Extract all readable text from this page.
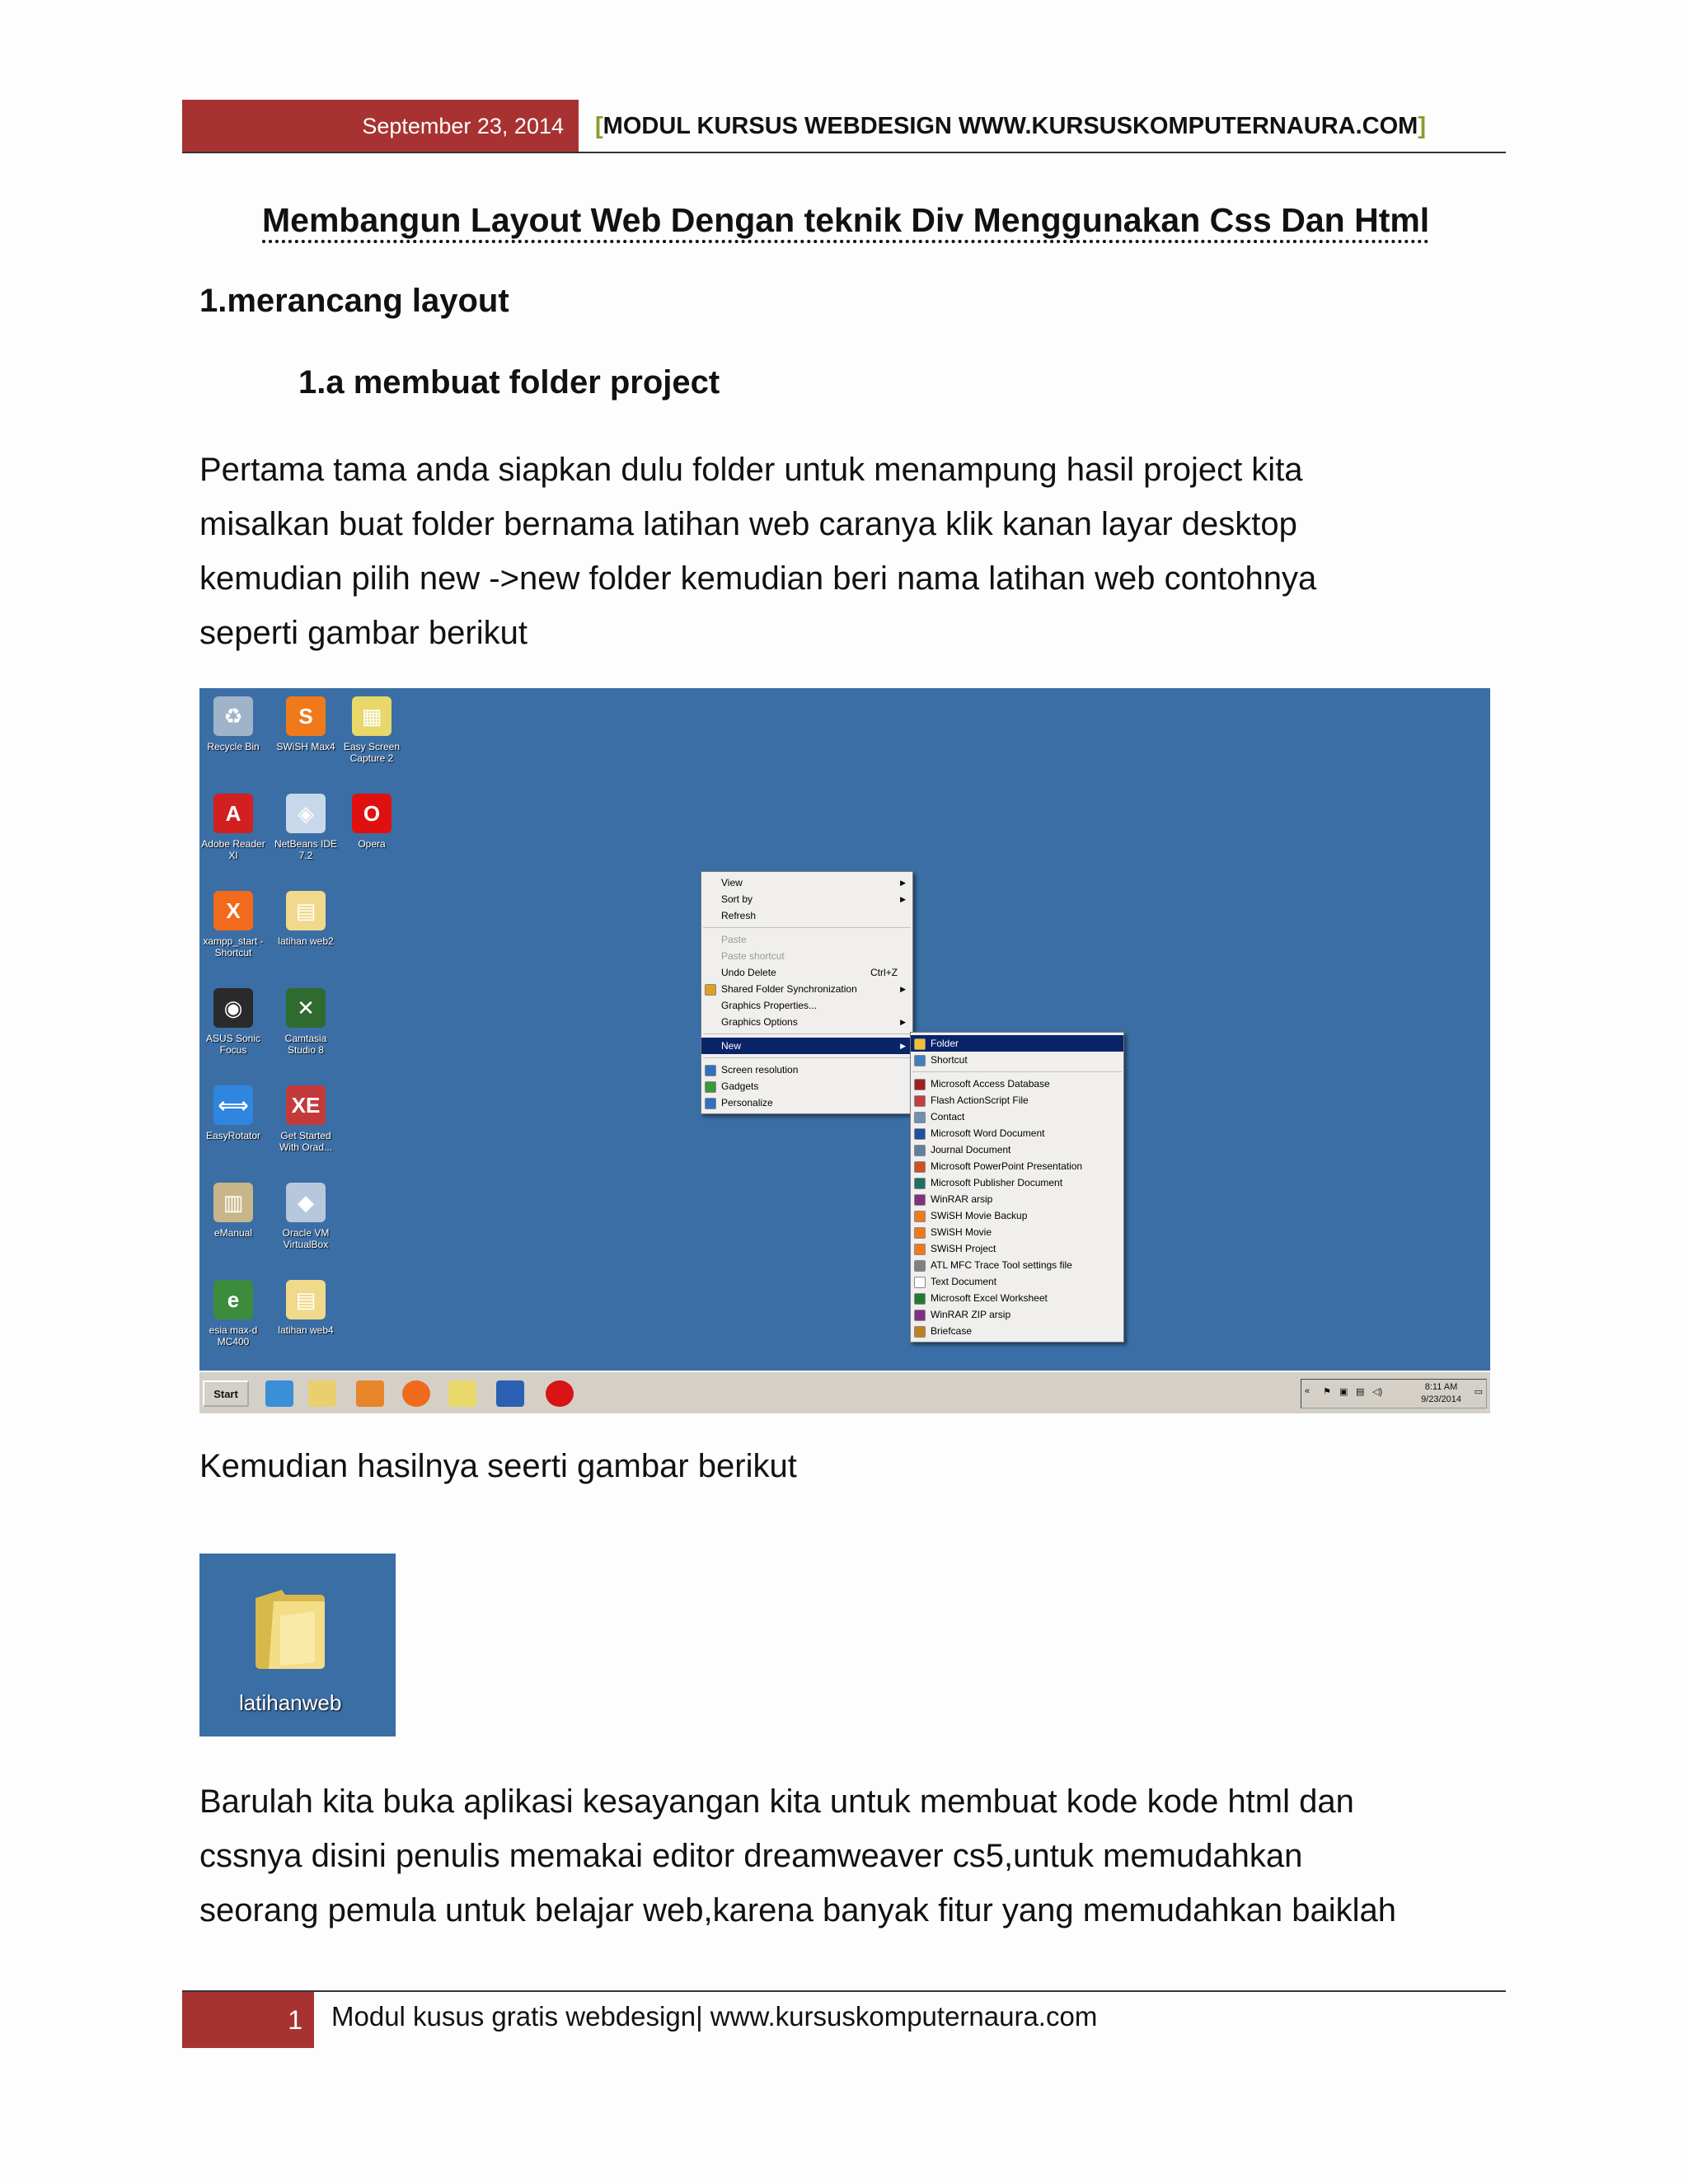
September 23, 2014	[ MODUL KURSUS WEBDESIGN WWW.KURSUSKOMPUTERNAURA.COM ]
Membangun Layout Web Dengan teknik Div Menggunakan Css Dan Html
1.merancang layout
1.a membuat folder project
Pertama tama anda siapkan dulu folder untuk menampung hasil project kita
misalkan buat folder bernama latihan web caranya klik kanan layar desktop
kemudian pilih new ->new folder kemudian beri nama latihan web contohnya
seperti gambar berikut
♻
Recycle Bin
S
SWiSH Max4
▦
Easy Screen Capture 2
A
Adobe Reader XI
◈
NetBeans IDE 7.2
O
Opera
X
xampp_start - Shortcut
▤
latihan web2
◉
ASUS Sonic Focus
✕
Camtasia Studio 8
⟺
EasyRotator
XE
Get Started With Orad...
▥
eManual
◆
Oracle VM VirtualBox
e
esia max-d MC400
▤
latihan web4
View	▶
Sort by	▶
Refresh
Paste
Paste shortcut
Undo Delete	Ctrl+Z
Shared Folder Synchronization	▶
Graphics Properties...
Graphics Options	▶
New	▶
Screen resolution
Gadgets
Personalize
Folder
Shortcut
Microsoft Access Database
Flash ActionScript File
Contact
Microsoft Word Document
Journal Document
Microsoft PowerPoint Presentation
Microsoft Publisher Document
WinRAR arsip
SWiSH Movie Backup
SWiSH Movie
SWiSH Project
ATL MFC Trace Tool settings file
Text Document
Microsoft Excel Worksheet
WinRAR ZIP arsip
Briefcase
Start	« ⚑ ▣ ▤ ◁)	8:11 AM
9/23/2014
▭
Kemudian hasilnya seerti gambar berikut
latihanweb
Barulah kita buka aplikasi kesayangan kita untuk membuat kode kode html dan
cssnya disini penulis memakai editor dreamweaver cs5,untuk memudahkan
seorang pemula untuk belajar web,karena banyak fitur yang memudahkan baiklah
1	Modul kusus gratis webdesign| www.kursuskomputernaura.com
